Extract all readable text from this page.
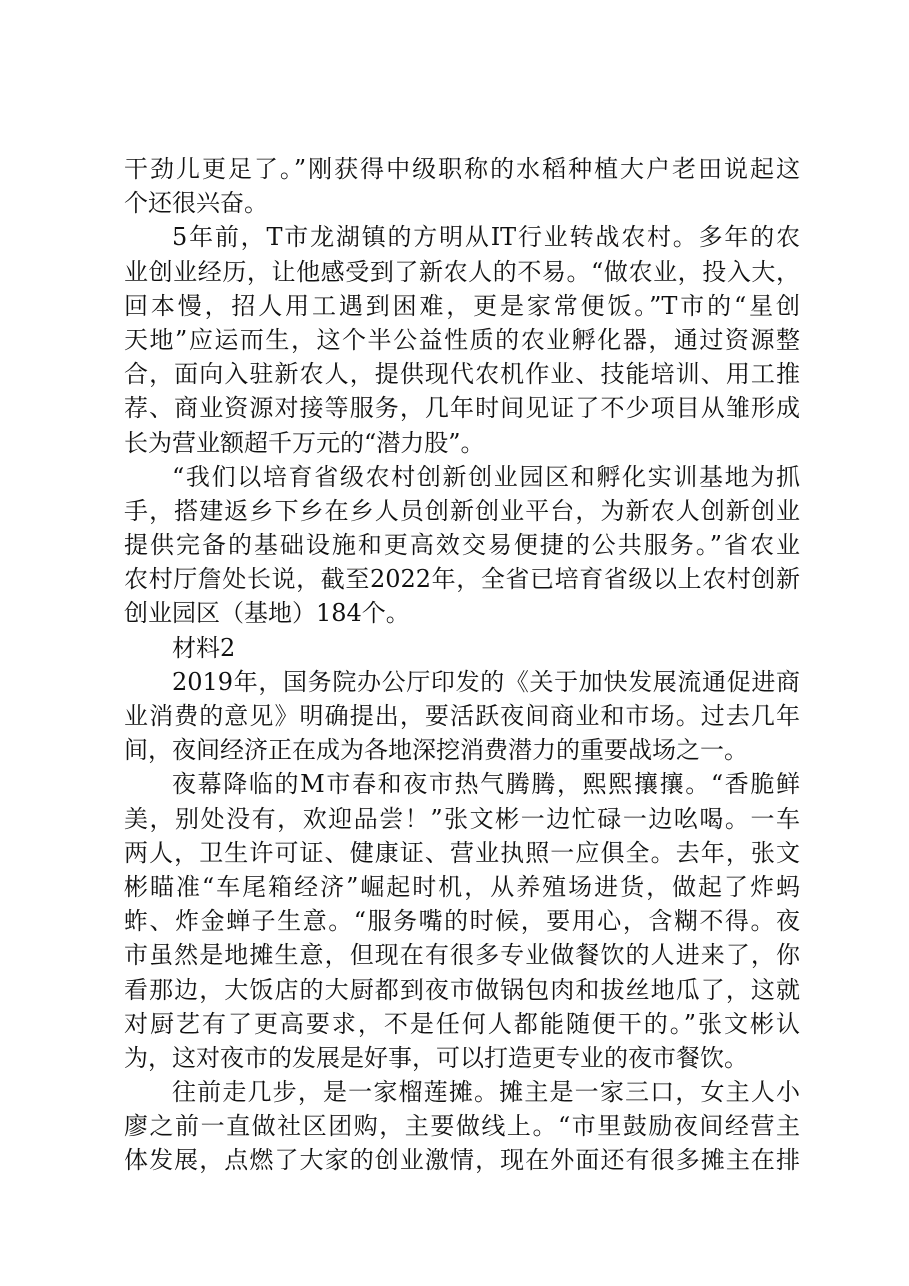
干劲儿更足了。”刚获得中级职称的水稻种植大户老田说起这
个还很兴奋。
5年前，T市龙湖镇的方明从IT行业转战农村。多年的农
业创业经历，让他感受到了新农人的不易。“做农业，投入大，
回本慢，招人用工遇到困难，更是家常便饭。”T市的“星创
天地”应运而生，这个半公益性质的农业孵化器，通过资源整
合，面向入驻新农人，提供现代农机作业、技能培训、用工推
荐、商业资源对接等服务，几年时间见证了不少项目从雏形成
长为营业额超千万元的“潜力股”。
“我们以培育省级农村创新创业园区和孵化实训基地为抓
手，搭建返乡下乡在乡人员创新创业平台，为新农人创新创业
提供完备的基础设施和更高效交易便捷的公共服务。”省农业
农村厅詹处长说，截至2022年，全省已培育省级以上农村创新
创业园区（基地）184个。
材料2
2019年，国务院办公厅印发的《关于加快发展流通促进商
业消费的意见》明确提出，要活跃夜间商业和市场。过去几年
间，夜间经济正在成为各地深挖消费潜力的重要战场之一。
夜幕降临的M市春和夜市热气腾腾，熙熙攘攘。“香脆鲜
美，别处没有，欢迎品尝！”张文彬一边忙碌一边吆喝。一车
两人，卫生许可证、健康证、营业执照一应俱全。去年，张文
彬瞄准“车尾箱经济”崛起时机，从养殖场进货，做起了炸蚂
蚱、炸金蝉子生意。“服务嘴的时候，要用心，含糊不得。夜
市虽然是地摊生意，但现在有很多专业做餐饮的人进来了，你
看那边，大饭店的大厨都到夜市做锅包肉和拔丝地瓜了，这就
对厨艺有了更高要求，不是任何人都能随便干的。”张文彬认
为，这对夜市的发展是好事，可以打造更专业的夜市餐饮。
往前走几步，是一家榴莲摊。摊主是一家三口，女主人小
廖之前一直做社区团购，主要做线上。“市里鼓励夜间经营主
体发展，点燃了大家的创业激情，现在外面还有很多摊主在排
